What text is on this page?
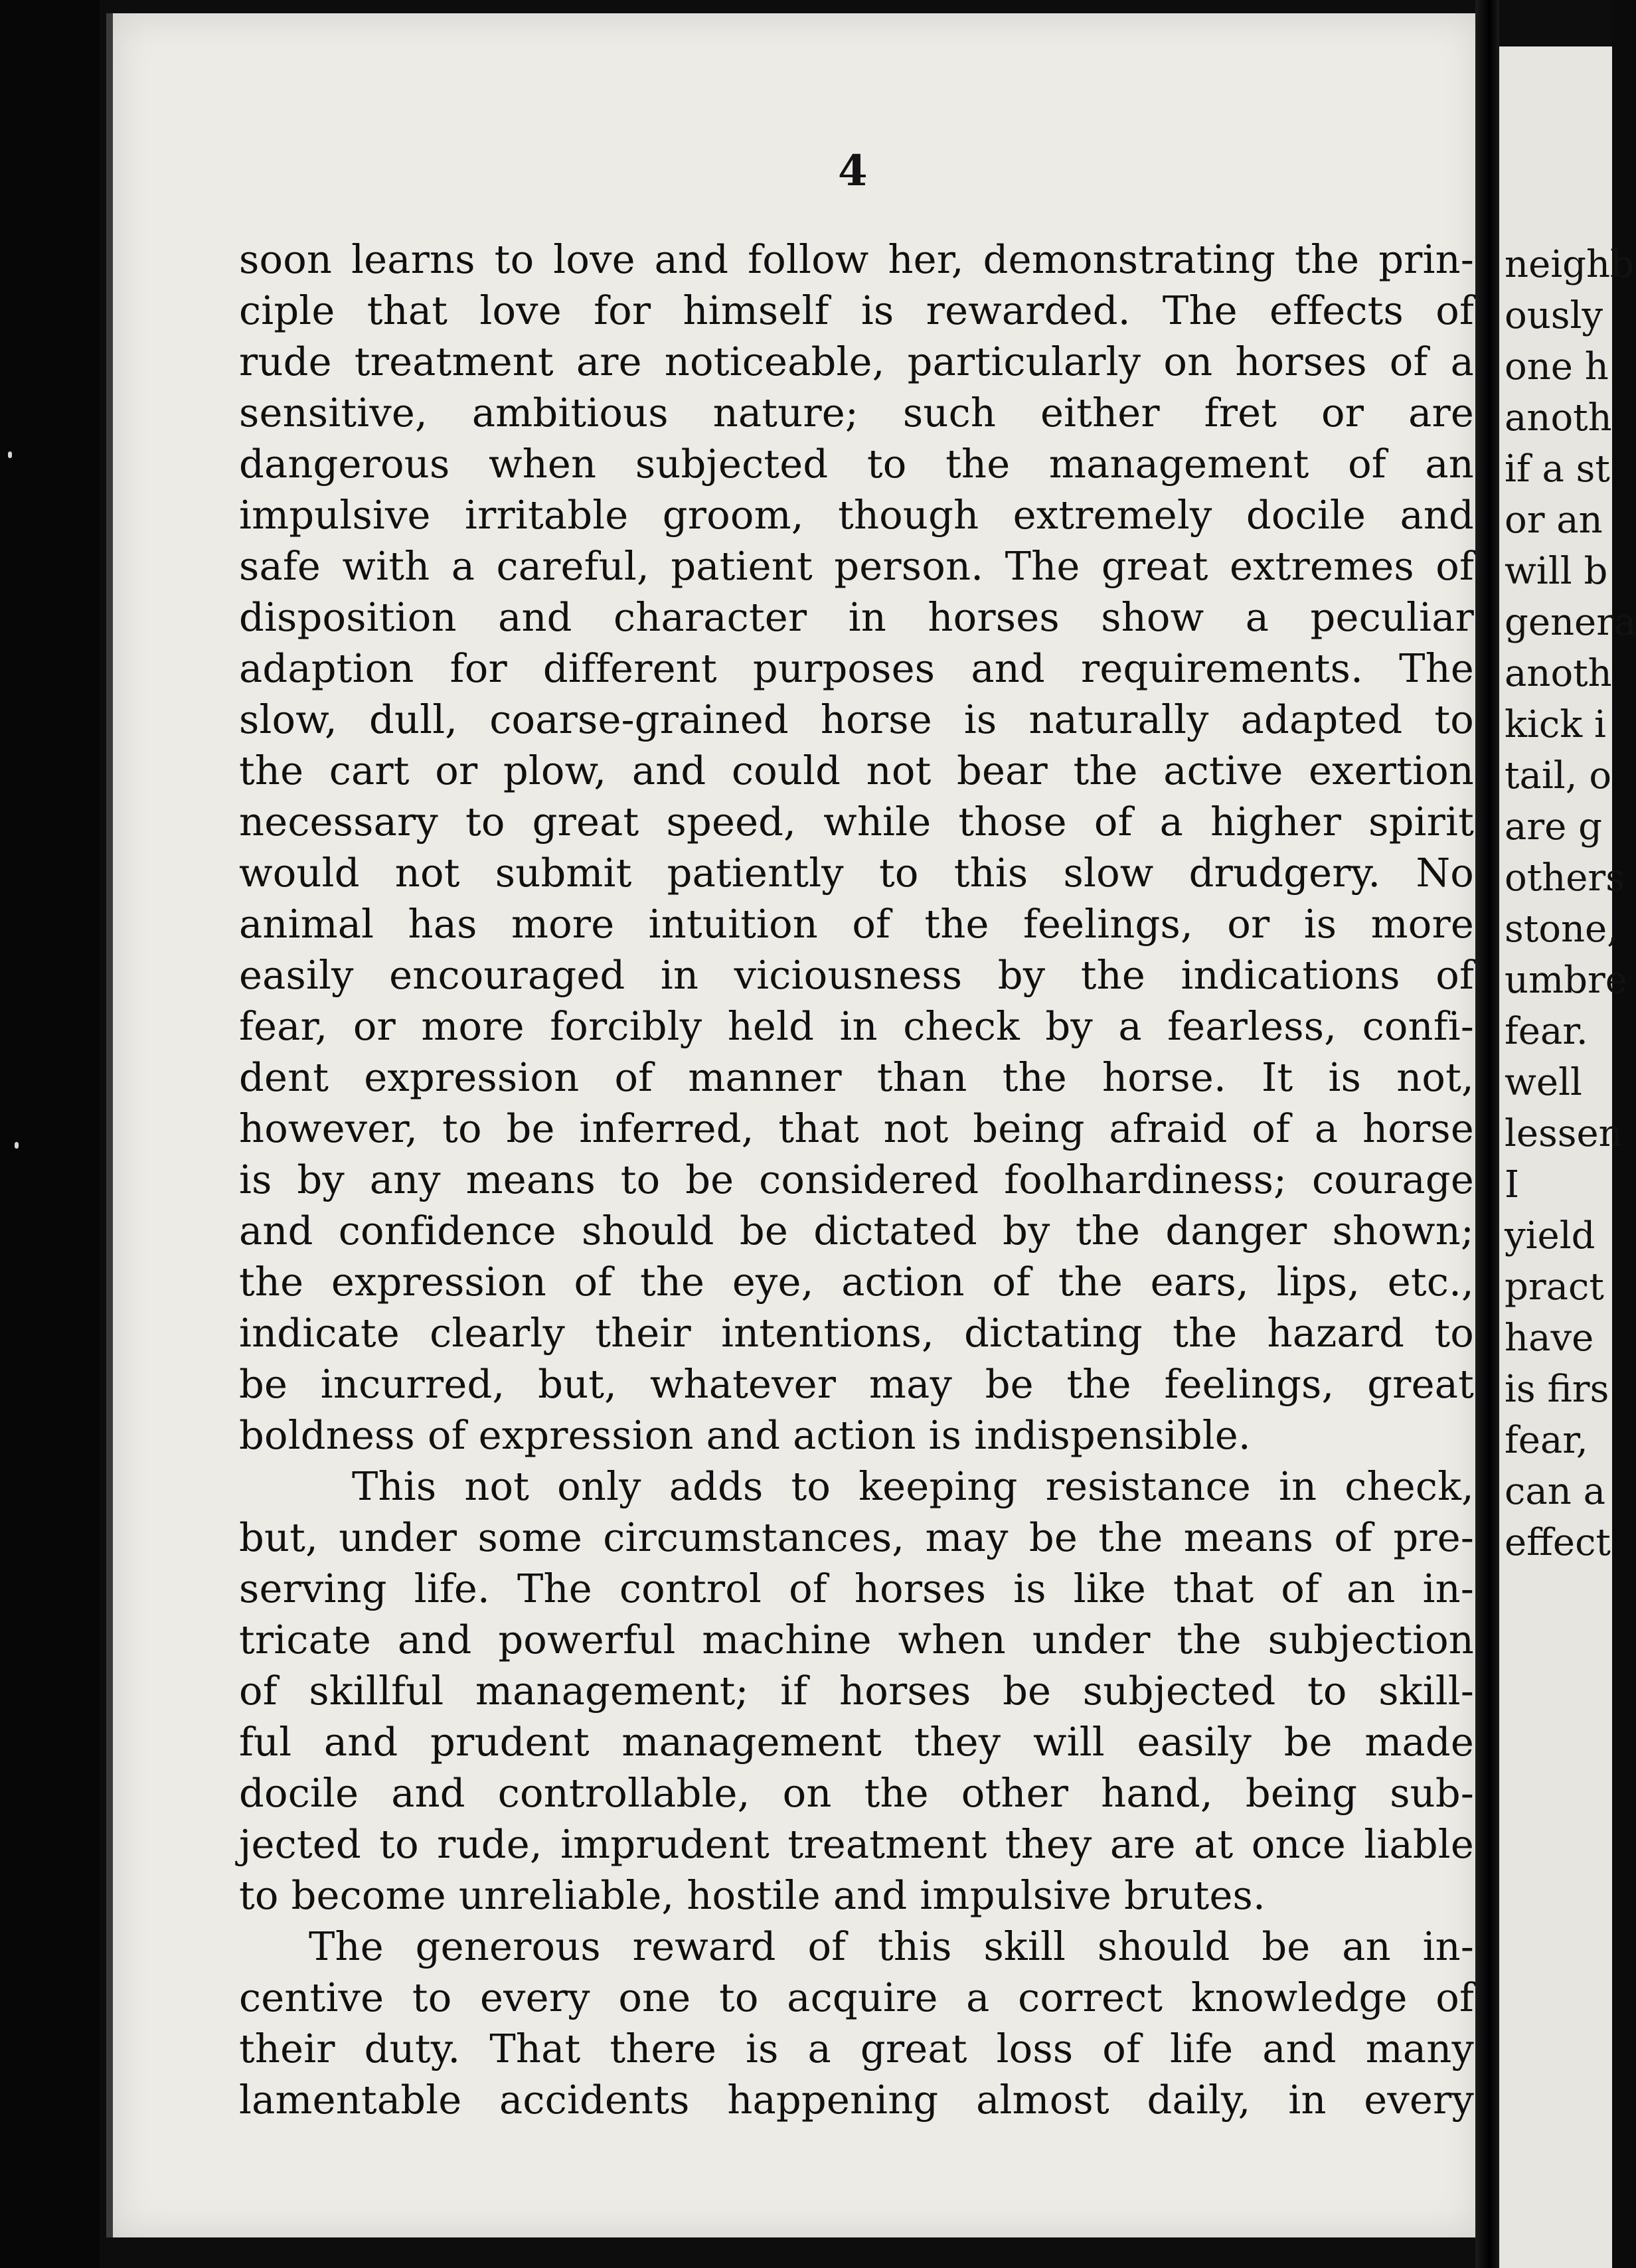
4
soon learns to love and follow her, demonstrating the prin-
ciple that love for himself is rewarded. The effects of
rude treatment are noticeable, particularly on horses of a
sensitive, ambitious nature; such either fret or are
dangerous when subjected to the management of an
impulsive irritable groom, though extremely docile and
safe with a careful, patient person. The great extremes of
disposition and character in horses show a peculiar
adaption for different purposes and requirements. The
slow, dull, coarse-grained horse is naturally adapted to
the cart or plow, and could not bear the active exertion
necessary to great speed, while those of a higher spirit
would not submit patiently to this slow drudgery. No
animal has more intuition of the feelings, or is more
easily encouraged in viciousness by the indications of
fear, or more forcibly held in check by a fearless, confi-
dent expression of manner than the horse. It is not,
however, to be inferred, that not being afraid of a horse
is by any means to be considered foolhardiness; courage
and confidence should be dictated by the danger shown;
the expression of the eye, action of the ears, lips, etc.,
indicate clearly their intentions, dictating the hazard to
be incurred, but, whatever may be the feelings, great
boldness of expression and action is indispensible.
This not only adds to keeping resistance in check,
but, under some circumstances, may be the means of pre-
serving life. The control of horses is like that of an in-
tricate and powerful machine when under the subjection
of skillful management; if horses be subjected to skill-
ful and prudent management they will easily be made
docile and controllable, on the other hand, being sub-
jected to rude, imprudent treatment they are at once liable
to become unreliable, hostile and impulsive brutes.
The generous reward of this skill should be an in-
centive to every one to acquire a correct knowledge of
their duty. That there is a great loss of life and many
lamentable accidents happening almost daily, in every
neighb
ously
one h
anoth
if a st
or an
will b
genera
anoth
kick i
tail, o
are g
others
stone,
umbre
fear.
well
lessen
I
yield
pract
have
is firs
fear,
can a
effect
